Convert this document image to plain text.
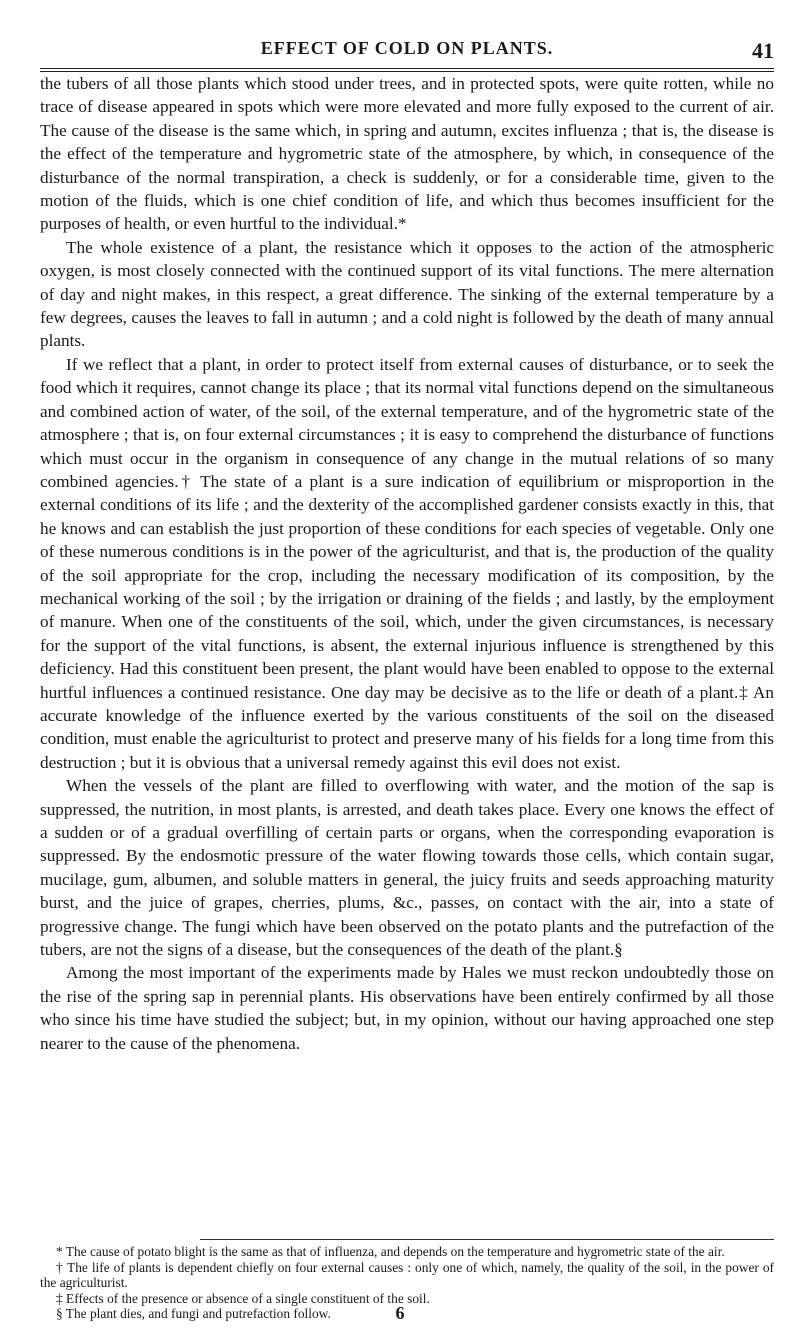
EFFECT OF COLD ON PLANTS.	41

the tubers of all those plants which stood under trees, and in protected spots, were quite rotten, while no trace of disease appeared in spots which were more elevated and more fully exposed to the current of air. The cause of the disease is the same which, in spring and autumn, excites influenza ; that is, the disease is the effect of the temperature and hygrometric state of the atmosphere, by which, in consequence of the disturbance of the normal transpiration, a check is suddenly, or for a considerable time, given to the motion of the fluids, which is one chief condition of life, and which thus becomes insufficient for the purposes of health, or even hurtful to the individual.*

The whole existence of a plant, the resistance which it opposes to the action of the atmospheric oxygen, is most closely connected with the continued support of its vital functions. The mere alternation of day and night makes, in this respect, a great difference. The sinking of the external temperature by a few degrees, causes the leaves to fall in autumn ; and a cold night is followed by the death of many annual plants.

If we reflect that a plant, in order to protect itself from external causes of disturbance, or to seek the food which it requires, cannot change its place ; that its normal vital functions depend on the simultaneous and combined action of water, of the soil, of the external temperature, and of the hygrometric state of the atmosphere ; that is, on four external circumstances ; it is easy to comprehend the disturbance of functions which must occur in the organism in consequence of any change in the mutual relations of so many combined agencies.† The state of a plant is a sure indication of equilibrium or misproportion in the external conditions of its life ; and the dexterity of the accomplished gardener consists exactly in this, that he knows and can establish the just proportion of these conditions for each species of vegetable. Only one of these numerous conditions is in the power of the agriculturist, and that is, the production of the quality of the soil appropriate for the crop, including the necessary modification of its composition, by the mechanical working of the soil ; by the irrigation or draining of the fields ; and lastly, by the employment of manure. When one of the constituents of the soil, which, under the given circumstances, is necessary for the support of the vital functions, is absent, the external injurious influence is strengthened by this deficiency. Had this constituent been present, the plant would have been enabled to oppose to the external hurtful influences a continued resistance. One day may be decisive as to the life or death of a plant.‡ An accurate knowledge of the influence exerted by the various constituents of the soil on the diseased condition, must enable the agriculturist to protect and preserve many of his fields for a long time from this destruction ; but it is obvious that a universal remedy against this evil does not exist.

When the vessels of the plant are filled to overflowing with water, and the motion of the sap is suppressed, the nutrition, in most plants, is arrested, and death takes place. Every one knows the effect of a sudden or of a gradual overfilling of certain parts or organs, when the corresponding evaporation is suppressed. By the endosmotic pressure of the water flowing towards those cells, which contain sugar, mucilage, gum, albumen, and soluble matters in general, the juicy fruits and seeds approaching maturity burst, and the juice of grapes, cherries, plums, &c., passes, on contact with the air, into a state of progressive change. The fungi which have been observed on the potato plants and the putrefaction of the tubers, are not the signs of a disease, but the consequences of the death of the plant.§

Among the most important of the experiments made by Hales we must reckon undoubtedly those on the rise of the spring sap in perennial plants. His observations have been entirely confirmed by all those who since his time have studied the subject; but, in my opinion, without our having approached one step nearer to the cause of the phenomena.

* The cause of potato blight is the same as that of influenza, and depends on the temperature and hygrometric state of the air.
† The life of plants is dependent chiefly on four external causes : only one of which, namely, the quality of the soil, in the power of the agriculturist.
‡ Effects of the presence or absence of a single constituent of the soil.
§ The plant dies, and fungi and putrefaction follow.	6
